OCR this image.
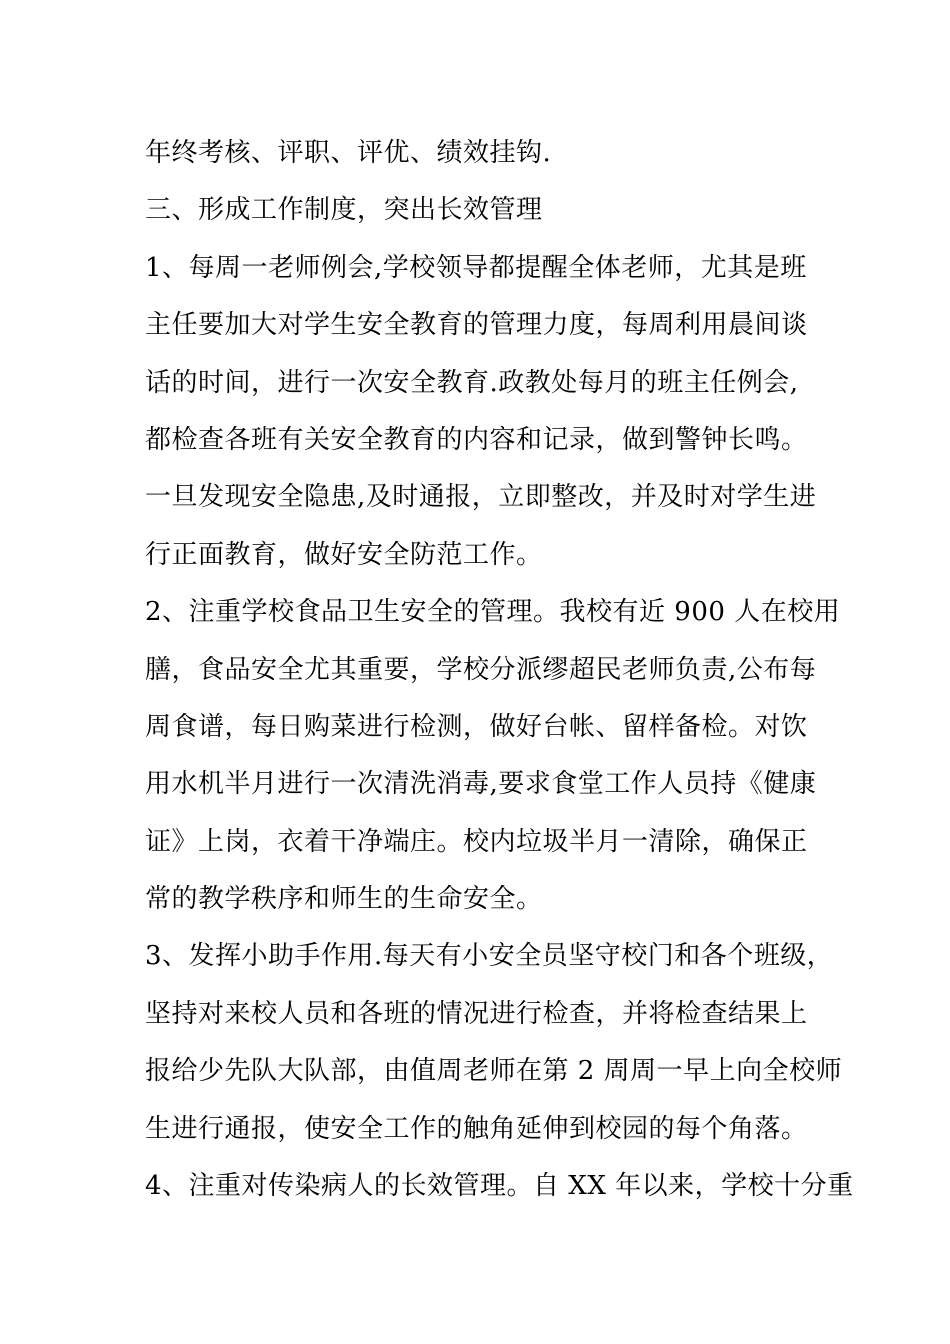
年终考核、评职、评优、绩效挂钩.
三、形成工作制度，突出长效管理
1、每周一老师例会,学校领导都提醒全体老师，尤其是班
主任要加大对学生安全教育的管理力度，每周利用晨间谈
话的时间，进行一次安全教育.政教处每月的班主任例会,
都检查各班有关安全教育的内容和记录，做到警钟长鸣。
一旦发现安全隐患,及时通报，立即整改，并及时对学生进
行正面教育，做好安全防范工作。
2、注重学校食品卫生安全的管理。我校有近 900 人在校用
膳，食品安全尤其重要，学校分派缪超民老师负责,公布每
周食谱，每日购菜进行检测，做好台帐、留样备检。对饮
用水机半月进行一次清洗消毒,要求食堂工作人员持《健康
证》上岗，衣着干净端庄。校内垃圾半月一清除，确保正
常的教学秩序和师生的生命安全。
3、发挥小助手作用.每天有小安全员坚守校门和各个班级，
坚持对来校人员和各班的情况进行检查，并将检查结果上
报给少先队大队部，由值周老师在第 2 周周一早上向全校师
生进行通报，使安全工作的触角延伸到校园的每个角落。
4、注重对传染病人的长效管理。自 XX 年以来，学校十分重
